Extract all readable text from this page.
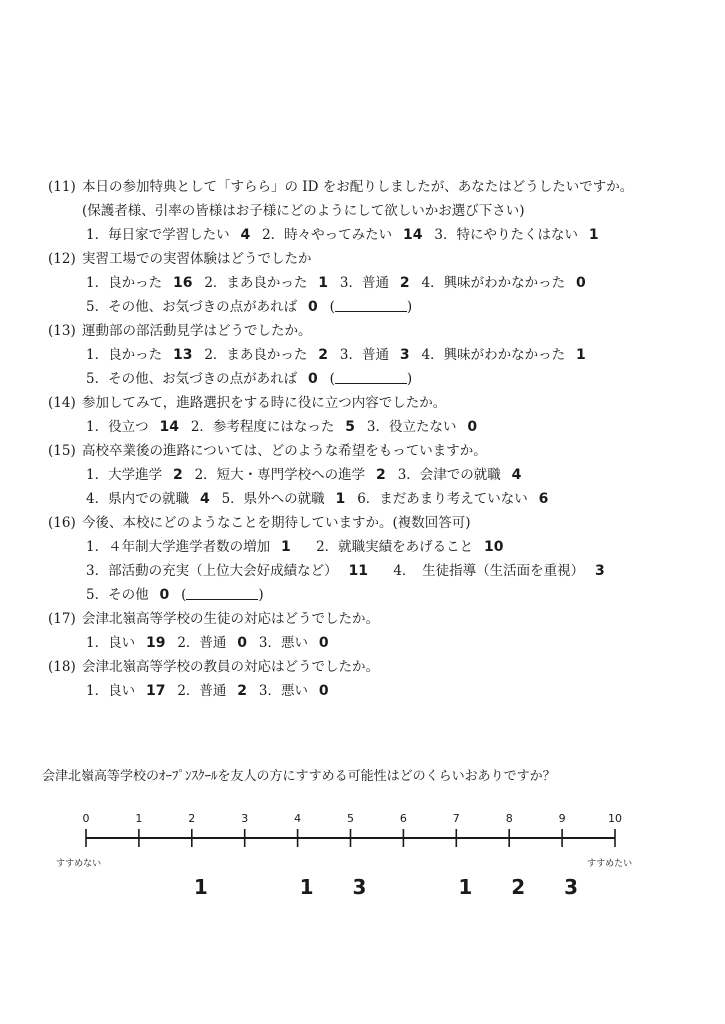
(11) 本日の参加特典として「すらら」の ID をお配りしましたが、あなたはどうしたいですか。
(保護者様、引率の皆様はお子様にどのようにして欲しいかお選び下さい)
1．毎日家で学習したい 4 2．時々やってみたい 14 3．特にやりたくはない 1
(12) 実習工場での実習体験はどうでしたか
1．良かった 16 2．まあ良かった 1 3．普通 2 4．興味がわかなかった 0
5．その他、お気づきの点があれば 0 (	)
(13) 運動部の部活動見学はどうでしたか。
1．良かった 13 2．まあ良かった 2 3．普通 3 4．興味がわかなかった 1
5．その他、お気づきの点があれば 0 (	)
(14) 参加してみて，進路選択をする時に役に立つ内容でしたか。
1．役立つ 14 2．参考程度にはなった 5 3．役立たない 0
(15) 高校卒業後の進路については、どのような希望をもっていますか。
1．大学進学 2 2．短大・専門学校への進学 2 3．会津での就職 4
4．県内での就職 4 5．県外への就職 1 6．まだあまり考えていない 6
(16) 今後、本校にどのようなことを期待していますか。(複数回答可)
1．４年制大学進学者数の増加 1 　2．就職実績をあげること 10
3．部活動の充実（上位大会好成績など） 11 　4．　生徒指導（生活面を重視） 3
5．その他 0 (	)
(17) 会津北嶺高等学校の生徒の対応はどうでしたか。
1．良い 19 2．普通 0 3．悪い 0
(18) 会津北嶺高等学校の教員の対応はどうでしたか。
1．良い 17 2．普通 2 3．悪い 0
会津北嶺高等学校のｵｰﾌﾟﾝｽｸｰﾙを友人の方にすすめる可能性はどのくらいおありですか？
0	1	2	3	4	5	6	7	8	9	10
すすめない	すすめたい
1	1 3	1 2 3
